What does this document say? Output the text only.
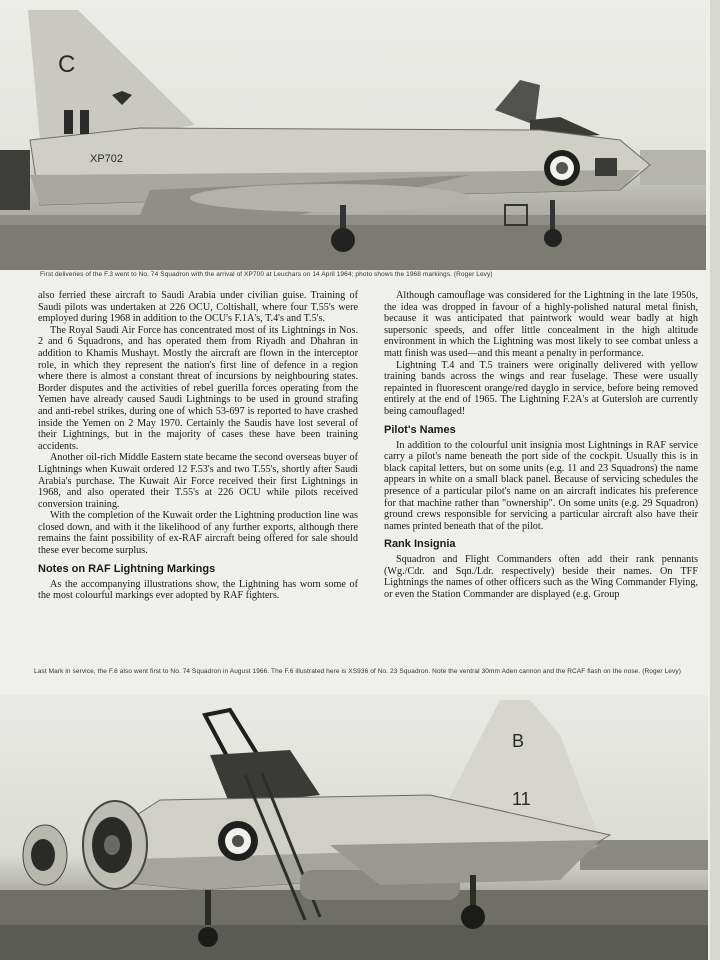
C
XP702
First deliveries of the F.3 went to No. 74 Squadron with the arrival of XP700 at Leuchars on 14 April 1964; photo shows the 1968 markings. (Roger Levy)

also ferried these aircraft to Saudi Arabia under civilian guise. Training of Saudi pilots was undertaken at 226 OCU, Coltishall, where four T.55's were employed during 1968 in addition to the OCU's F.1A's, T.4's and T.5's.

The Royal Saudi Air Force has concentrated most of its Lightnings in Nos. 2 and 6 Squadrons, and has operated them from Riyadh and Dhahran in addition to Khamis Mushayt. Mostly the aircraft are flown in the interceptor role, in which they represent the nation's first line of defence in a region where there is almost a constant threat of incursions by neighbouring states. Border disputes and the activities of rebel guerilla forces operating from the Yemen have already caused Saudi Lightnings to be used in ground strafing and anti-rebel strikes, during one of which 53-697 is reported to have crashed inside the Yemen on 2 May 1970. Certainly the Saudis have lost several of their Lightnings, but in the majority of cases these have been training accidents.

Another oil-rich Middle Eastern state became the second overseas buyer of Lightnings when Kuwait ordered 12 F.53's and two T.55's, shortly after Saudi Arabia's purchase. The Kuwait Air Force received their first Lightnings in 1968, and also operated their T.55's at 226 OCU while pilots received conversion training.

With the completion of the Kuwait order the Lightning production line was closed down, and with it the likelihood of any further exports, although there remains the faint possibility of ex-RAF aircraft being offered for sale should these ever become surplus.

Notes on RAF Lightning Markings

As the accompanying illustrations show, the Lightning has worn some of the most colourful markings ever adopted by RAF fighters.

Although camouflage was considered for the Lightning in the late 1950s, the idea was dropped in favour of a highly-polished natural metal finish, because it was anticipated that paintwork would wear badly at high supersonic speeds, and offer little concealment in the high altitude environment in which the Lightning was most likely to see combat unless a matt finish was used—and this meant a penalty in performance.

Lightning T.4 and T.5 trainers were originally delivered with yellow training bands across the wings and rear fuselage. These were usually repainted in fluorescent orange/red dayglo in service, before being removed entirely at the end of 1965. The Lightning F.2A's at Gutersloh are currently being camouflaged!

Pilot's Names

In addition to the colourful unit insignia most Lightnings in RAF service carry a pilot's name beneath the port side of the cockpit. Usually this is in black capital letters, but on some units (e.g. 11 and 23 Squadrons) the name appears in white on a small black panel. Because of servicing schedules the presence of a particular pilot's name on an aircraft indicates his preference for that machine rather than "ownership". On some units (e.g. 29 Squadron) ground crews responsible for servicing a particular aircraft also have their names printed beneath that of the pilot.

Rank Insignia

Squadron and Flight Commanders often add their rank pennants (Wg./Cdr. and Sqn./Ldr. respectively) beside their names. On TFF Lightnings the names of other officers such as the Wing Commander Flying, or even the Station Commander are displayed (e.g. Group

Last Mark in service, the F.6 also went first to No. 74 Squadron in August 1966. The F.6 illustrated here is XS936 of No. 23 Squadron. Note the ventral 30mm Aden cannon and the RCAF flash on the nose. (Roger Levy)
B
11
